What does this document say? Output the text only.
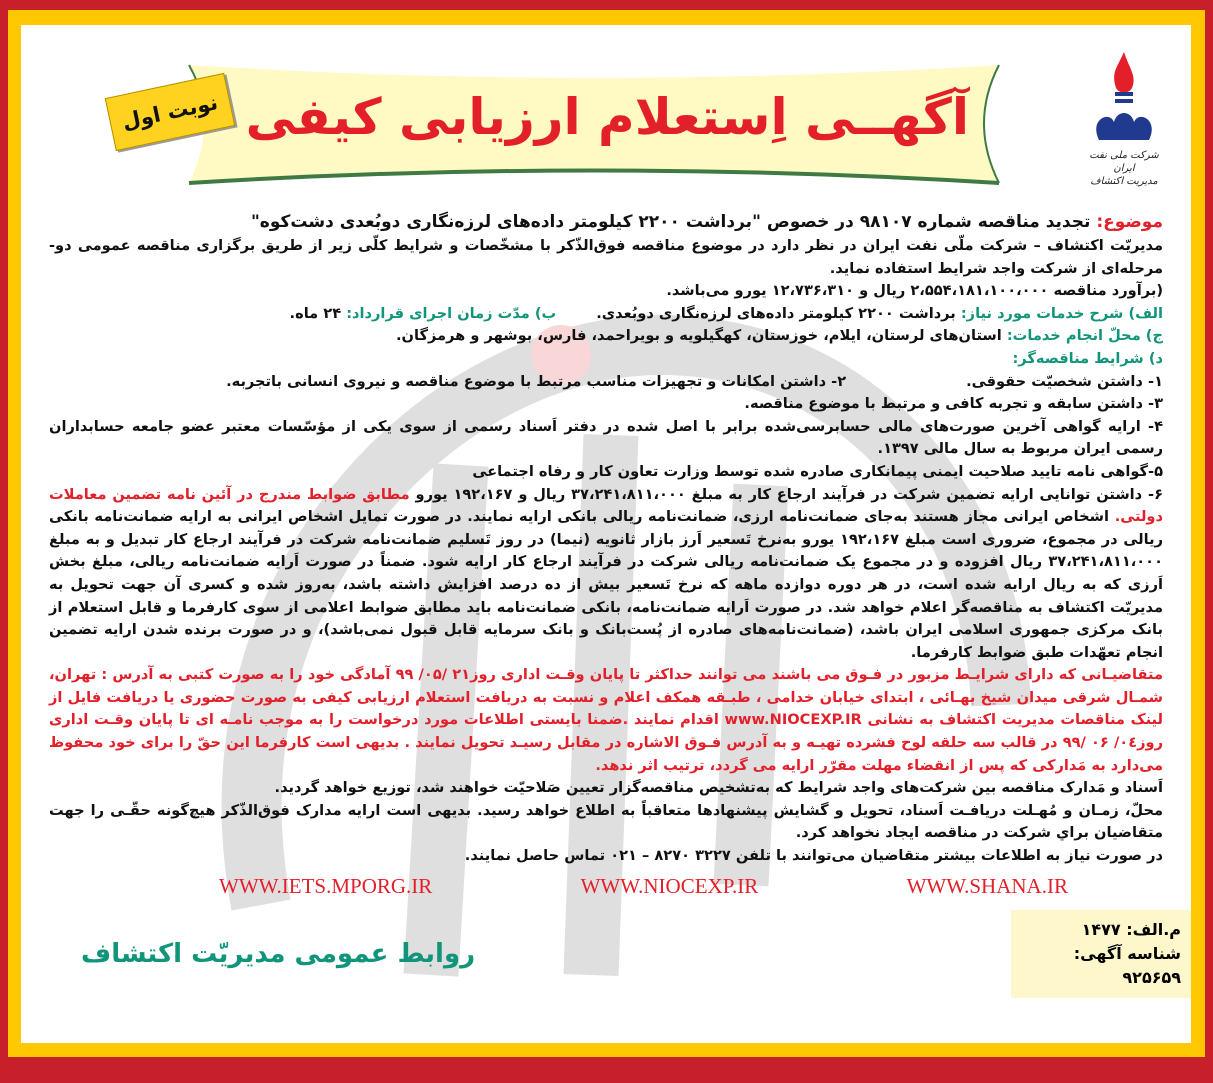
آگهــی اِستعلام ارزیابی کیفی
نوبت اول
شرکت ملی نفت ایران
مدیریت اکتشاف

موضوع: تجدید مناقصه شماره ۹۸۱۰۷ در خصوص "برداشت ۲۲۰۰ کیلومتر داده‌های لرزه‌نگاری دوبُعدی دشت‌کوه"

مدیریّت اکتشاف – شرکت ملّی نفت ایران در نظر دارد در موضوع مناقصه فوق‌الذّکر با مشخّصات و شرایط کلّی زیر از طریق برگزاری مناقصه عمومی دو- مرحله‌ای از شرکت واجد شرایط استفاده نماید.

(برآورد مناقصه ۲،۵۵۴،۱۸۱،۱۰۰،۰۰۰ ریال و ۱۲،۷۳۶،۳۱۰ یورو می‌باشد.

الف) شرح خدمات مورد نیاز: برداشت ۲۲۰۰ کیلومتر داده‌های لرزه‌نگاری دوبُعدی.
ب) مدّت زمان اجرای قرارداد: ۲۴ ماه.

ج) محلّ انجام خدمات: استان‌های لرستان، ایلام، خوزستان، کهگیلویه و بویراحمد، فارس، بوشهر و هرمزگان.

د) شرایط مناقصه‌گر:

۱- داشتن شخصیّت حقوقی.
۲- داشتن امکانات و تجهیزات مناسب مرتبط با موضوع مناقصه و نیروی انسانی باتجربه.

۳- داشتن سابقه و تجربه کافی و مرتبط با موضوع مناقصه.

۴- ارایه گواهی آخرین صورت‌های مالی حسابرسی‌شده برابر با اصل شده در دفتر اَسناد رسمی از سوی یکی از مؤسّسات معتبر عضو جامعه حسابداران رسمی ایران مربوط به سال مالی ۱۳۹۷.

۵-گواهی نامه تایید صلاحیت ایمنی پیمانکاری صادره شده توسط وزارت تعاون کار و رفاه اجتماعی

۶- داشتن توانایی ارایه تضمین شرکت در فرآیند ارجاع کار به مبلغ ۳۷،۲۴۱،۸۱۱،۰۰۰ ریال و ۱۹۲،۱۶۷ یورو مطابق ضوابط مندرج در آئین نامه تضمین معاملات دولتی. اشخاص ایرانی مجاز هستند به‌جای ضمانت‌نامه ارزی، ضمانت‌نامه ریالی بانکی ارایه نمایند. در صورت تمایل اشخاص ایرانی به ارایه ضمانت‌نامه بانکی ریالی در مجموع، ضروری است مبلغ ۱۹۲،۱۶۷ یورو به‌نرخ تَسعیر اَرز بازار ثانویه (نیما) در روز تَسلیم ضمانت‌نامه شرکت در فرآیند ارجاع کار تبدیل و به مبلغ ۳۷،۲۴۱،۸۱۱،۰۰۰ ریال افزوده و در مجموع یک ضمانت‌نامه ریالی شرکت در فرآیند ارجاع کار ارایه شود. ضمناً در صورت اَرایه ضمانت‌نامه ریالی، مبلغ بخش اَرزی که به ریال ارایه شده است، در هر دوره دوازده ماهه که نرخ تَسعیر بیش از ده درصد افزایش داشته باشد، به‌روز شده و کسری آن جهت تحویل به مدیریّت اکتشاف به مناقصه‌گر اعلام خواهد شد. در صورت اَرایه ضمانت‌نامه، بانکی ضمانت‌نامه باید مطابق ضوابط اعلامی از سوی کارفرما و قابل استعلام از بانک مرکزی جمهوری اسلامی ایران باشد، (ضمانت‌نامه‌های صادره از پُست‌بانک و بانک سرمایه قابل قبول نمی‌باشد)، و در صورت برنده شدن ارایه تضمین انجام تعهّدات طبق ضوابط کارفرما.

متقاضیـانی که دارای شرایـط مزبور در فـوق می باشند می توانند حداکثر تا پایان وقـت اداری روز۲۱ /۰۵/ ۹۹ آمادگی خود را به صورت کتبی به آدرس : تهران، شمـال شرقی میدان شیخ بهـائی ، ابتدای خیابان خدامی ، طبـقه همکف اعلام و نسبت به دریافت استعلام ارزیابی کیفی به صورت حضوری یا دریافت فایل از لینک مناقصات مدیریت اکتشاف به نشانی www.NIOCEXP.IR اقدام نمایند .ضمنا بایستی اطلاعات مورد درخواست را به موجب نامـه ای تا پایان وقـت اداری روز۰٤/ ۰۶ /۹۹ در قالب سه حلقه لوح فشرده تهیـه و به آدرس فـوق الاشاره در مقابل رسیـد تحویل نمایند . بدیهی است کارفرما این حقّ را برای خود محفوظ می‌دارد به مَدارکی که پس از انقضاء مهلت مقرّر ارایه می گردد، ترتیب اثر ندهد.

اَسناد و مَدارک مناقصه بین شرکت‌های واجد شرایط که به‌تشخیص مناقصه‌گزار تعیین صَلاحیّت خواهند شد، توزیع خواهد گردید.

محلّ، زمـان و مُهـلت دریافـت اَسناد، تحویل و گشایش پیشنهادها متعاقباً به اطلاع خواهد رسید. بدیهی است ارایه مدارک فوق‌الذّکر هیچ‌گونه حقّـی را جهت متقاضیان براي شرکت در مناقصه ایجاد نخواهد کرد.

در صورت نیاز به اطلاعات بیشتر متقاضیان می‌توانند با تلفن ۳۲۲۷ ۸۲۷۰ – ۰۲۱ تماس حاصل نمایند.

WWW.IETS.MPORG.IR	WWW.NIOCEXP.IR	WWW.SHANA.IR
روابط عمومی مدیریّت اکتشاف
م.الف: ۱۴۷۷
شناسه آگهی: ۹۲۵۶۵۹
